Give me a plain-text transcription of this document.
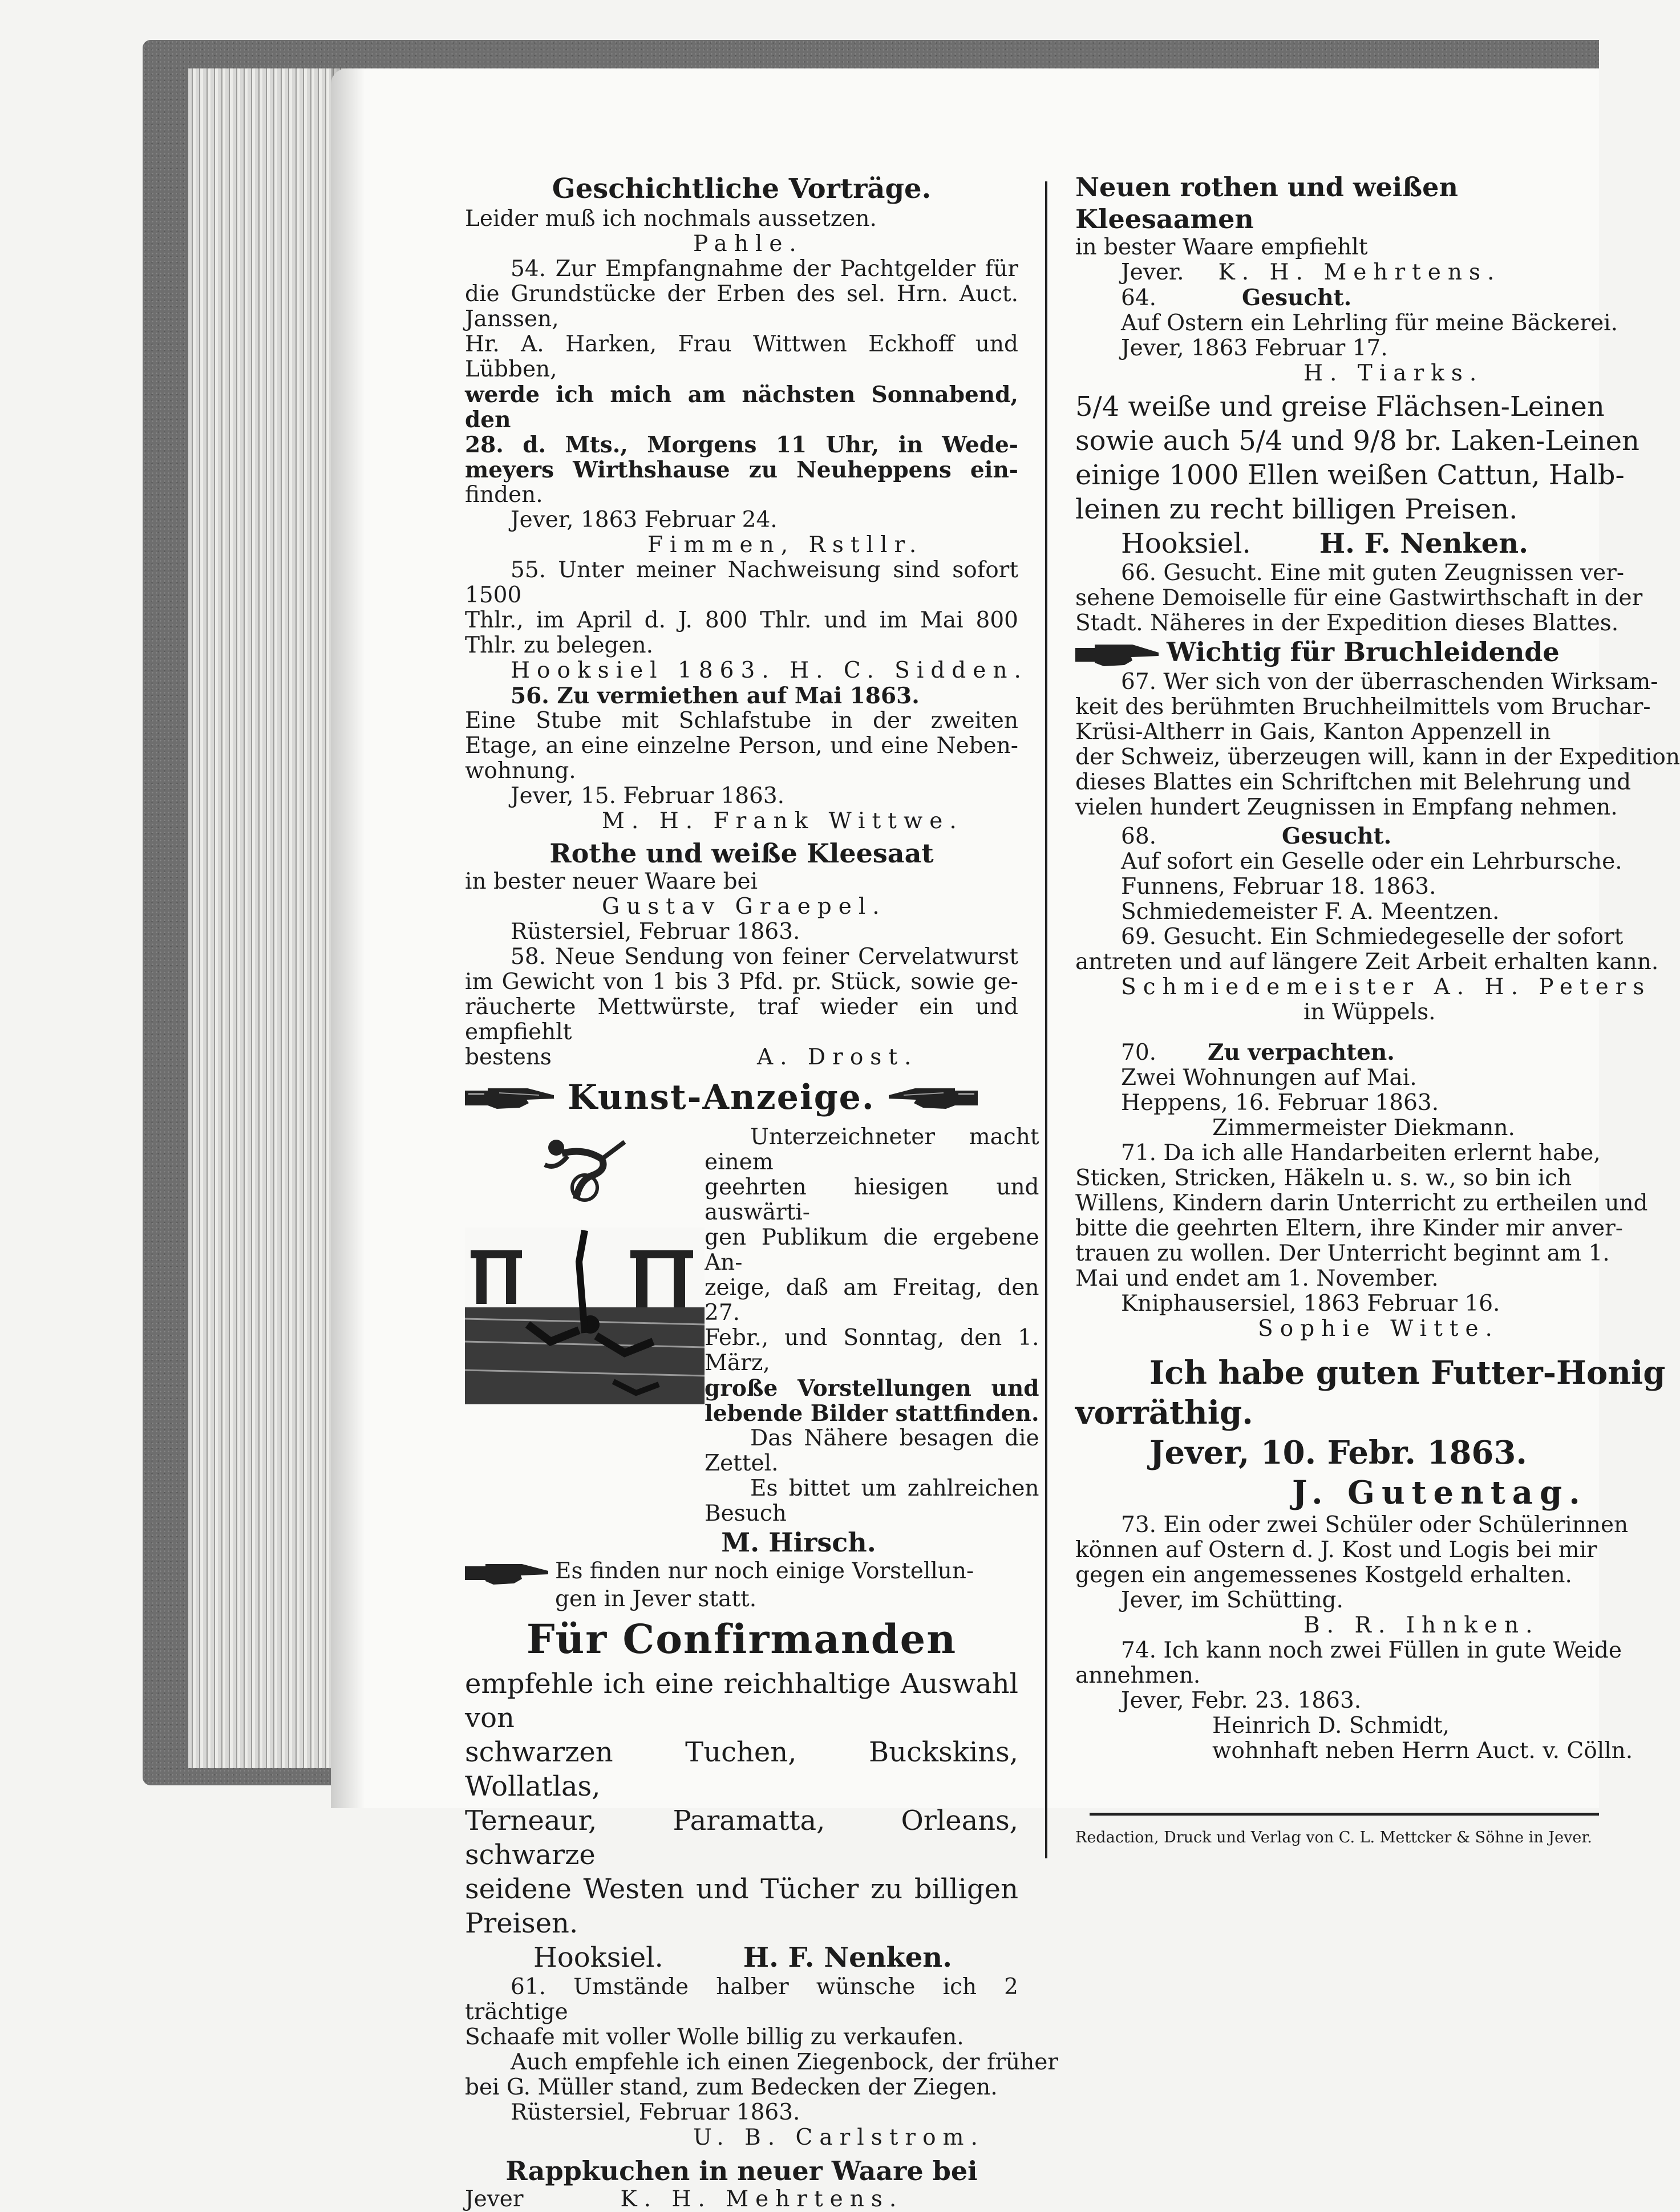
Geschichtliche Vorträge.

Leider muß ich nochmals aussetzen.

Pahle.

54. Zur Empfangnahme der Pachtgelder für

die Grundstücke der Erben des sel. Hrn. Auct. Janssen,

Hr. A. Harken, Frau Wittwen Eckhoff und Lübben,

werde ich mich am nächsten Sonnabend, den

28. d. Mts., Morgens 11 Uhr, in Wede-

meyers Wirthshause zu Neuheppens ein-

finden.

Jever, 1863 Februar 24.

Fimmen, Rstllr.

55. Unter meiner Nachweisung sind sofort 1500

Thlr., im April d. J. 800 Thlr. und im Mai 800

Thlr. zu belegen.

Hooksiel 1863. H. C. Sidden.

56. Zu vermiethen auf Mai 1863.

Eine Stube mit Schlafstube in der zweiten

Etage, an eine einzelne Person, und eine Neben-

wohnung.

Jever, 15. Februar 1863.

M. H. Frank Wittwe.

Rothe und weiße Kleesaat

in bester neuer Waare bei

Gustav Graepel.

Rüstersiel, Februar 1863.

58. Neue Sendung von feiner Cervelatwurst

im Gewicht von 1 bis 3 Pfd. pr. Stück, sowie ge-

räucherte Mettwürste, traf wieder ein und empfiehlt

bestens	A. Drost.

Kunst-Anzeige.

Unterzeichneter macht einem

geehrten hiesigen und auswärti-

gen Publikum die ergebene An-

zeige, daß am Freitag, den 27.

Febr., und Sonntag, den 1. März,

große Vorstellungen und

lebende Bilder stattfinden.

Das Nähere besagen die

Zettel.

Es bittet um zahlreichen

Besuch

M. Hirsch.

Es finden nur noch einige Vorstellun-

gen in Jever statt.

Für Confirmanden

empfehle ich eine reichhaltige Auswahl von

schwarzen Tuchen, Buckskins, Wollatlas,

Terneaur, Paramatta, Orleans, schwarze

seidene Westen und Tücher zu billigen

Preisen.

Hooksiel.	H. F. Nenken.

61. Umstände halber wünsche ich 2 trächtige

Schaafe mit voller Wolle billig zu verkaufen.

Auch empfehle ich einen Ziegenbock, der früher

bei G. Müller stand, zum Bedecken der Ziegen.

Rüstersiel, Februar 1863.

U. B. Carlstrom.

Rappkuchen in neuer Waare bei

Jever	K. H. Mehrtens.

Neuen rothen und weißen Kleesaamen

in bester Waare empfiehlt

Jever. K. H. Mehrtens.

64.	Gesucht.

Auf Ostern ein Lehrling für meine Bäckerei.

Jever, 1863 Februar 17.

H. Tiarks.

5/4 weiße und greise Flächsen-Leinen

sowie auch 5/4 und 9/8 br. Laken-Leinen

einige 1000 Ellen weißen Cattun, Halb-

leinen zu recht billigen Preisen.

Hooksiel.	H. F. Nenken.

66. Gesucht. Eine mit guten Zeugnissen ver-

sehene Demoiselle für eine Gastwirthschaft in der

Stadt. Näheres in der Expedition dieses Blattes.

Wichtig für Bruchleidende

67. Wer sich von der überraschenden Wirksam-

keit des berühmten Bruchheilmittels vom Bruchar-

Krüsi-Altherr in Gais, Kanton Appenzell in

der Schweiz, überzeugen will, kann in der Expedition

dieses Blattes ein Schriftchen mit Belehrung und

vielen hundert Zeugnissen in Empfang nehmen.

68.	Gesucht.

Auf sofort ein Geselle oder ein Lehrbursche.

Funnens, Februar 18. 1863.

Schmiedemeister F. A. Meentzen.

69. Gesucht. Ein Schmiedegeselle der sofort

antreten und auf längere Zeit Arbeit erhalten kann.

Schmiedemeister A. H. Peters

in Wüppels.

70. Zu verpachten.

Zwei Wohnungen auf Mai.

Heppens, 16. Februar 1863.

Zimmermeister Diekmann.

71. Da ich alle Handarbeiten erlernt habe,

Sticken, Stricken, Häkeln u. s. w., so bin ich

Willens, Kindern darin Unterricht zu ertheilen und

bitte die geehrten Eltern, ihre Kinder mir anver-

trauen zu wollen. Der Unterricht beginnt am 1.

Mai und endet am 1. November.

Kniphausersiel, 1863 Februar 16.

Sophie Witte.

Ich habe guten Futter-Honig

vorräthig.

Jever, 10. Febr. 1863.

J. Gutentag.

73. Ein oder zwei Schüler oder Schülerinnen

können auf Ostern d. J. Kost und Logis bei mir

gegen ein angemessenes Kostgeld erhalten.

Jever, im Schütting.

B. R. Ihnken.

74. Ich kann noch zwei Füllen in gute Weide

annehmen.

Jever, Febr. 23. 1863.

Heinrich D. Schmidt,

wohnhaft neben Herrn Auct. v. Cölln.

Redaction, Druck und Verlag von C. L. Mettcker & Söhne in Jever.
